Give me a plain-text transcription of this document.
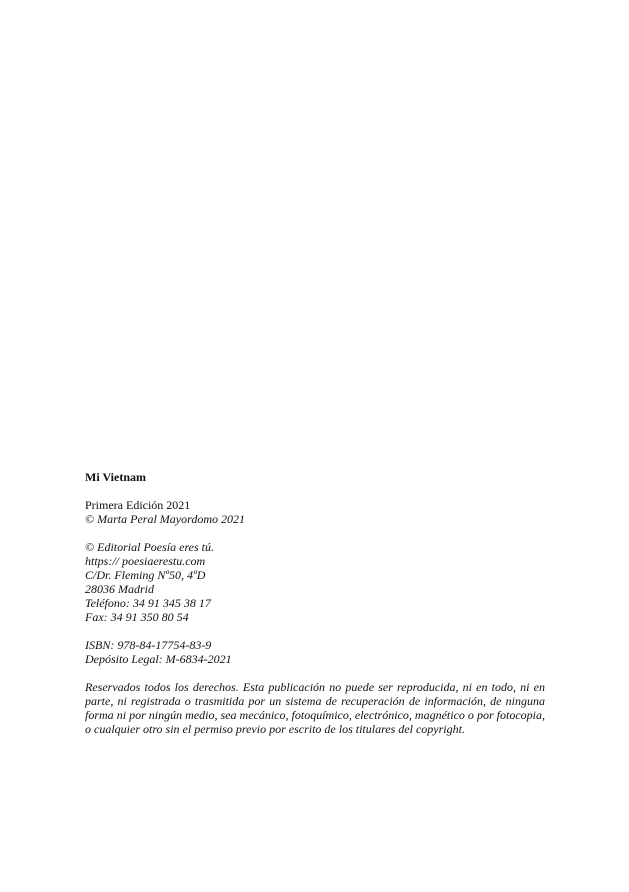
Mi Vietnam
Primera Edición 2021
© Marta Peral Mayordomo 2021
© Editorial Poesía eres tú.
https:// poesiaerestu.com
C/Dr. Fleming Nº50, 4ºD
28036 Madrid
Teléfono: 34 91 345 38 17
Fax: 34 91 350 80 54
ISBN: 978-84-17754-83-9
Depósito Legal: M-6834-2021
Reservados todos los derechos. Esta publicación no puede ser reproducida, ni en todo, ni en parte, ni registrada o trasmitida por un sistema de recuperación de información, de ninguna forma ni por ningún medio, sea mecánico, fotoquímico, electrónico, magnético o por fotocopia, o cualquier otro sin el permiso previo por escrito de los titulares del copyright.
